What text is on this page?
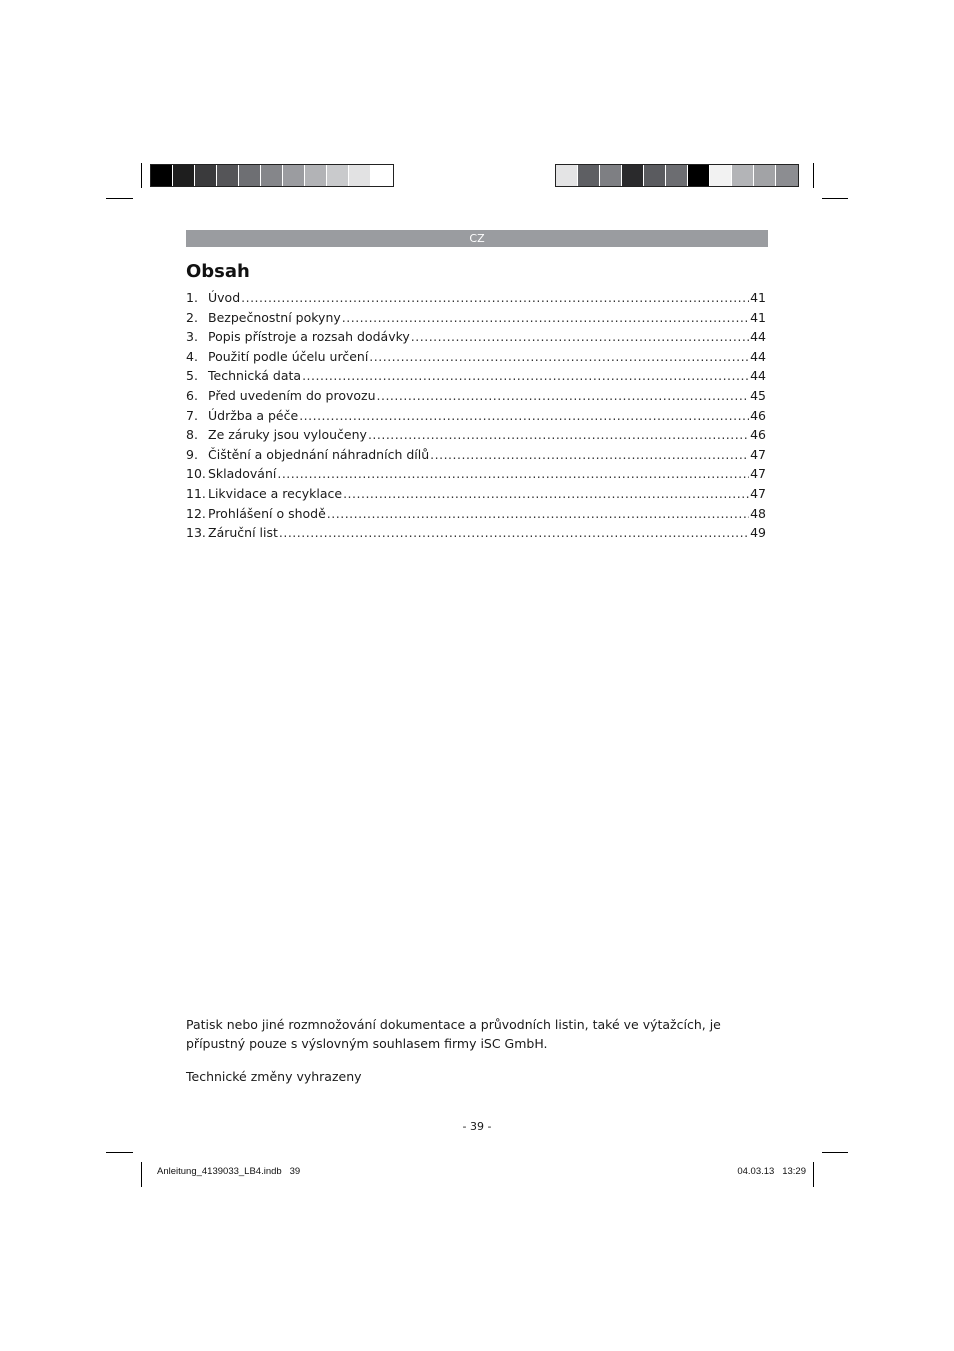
CZ
Obsah
1. Úvod .....	41
2. Bezpečnostní pokyny .....	41
3. Popis přístroje a rozsah dodávky .....	44
4. Použití podle účelu určení .....	44
5. Technická data .....	44
6. Před uvedením do provozu .....	45
7. Údržba a péče .....	46
8. Ze záruky jsou vyloučeny .....	46
9. Čištění a objednání náhradních dílů .....	47
10. Skladování .....	47
11. Likvidace a recyklace .....	47
12. Prohlášení o shodě .....	48
13. Záruční list .....	49
Patisk nebo jiné rozmnožování dokumentace a průvodních listin, také ve výtažcích, je přípustný pouze s výslovným souhlasem firmy iSC GmbH.
Technické změny vyhrazeny
- 39 -
Anleitung_4139033_LB4.indb   39	04.03.13   13:29
